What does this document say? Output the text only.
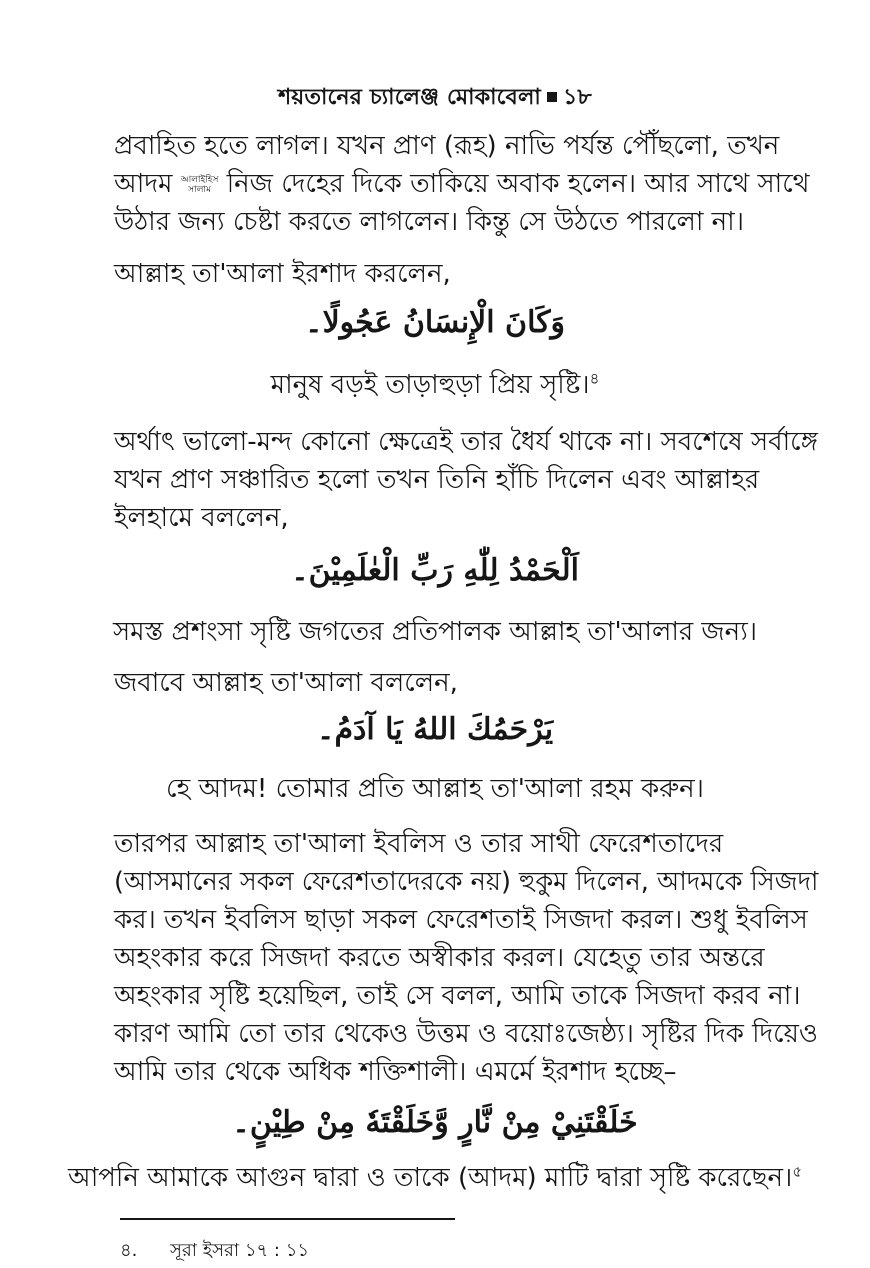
শয়তানের চ্যালেঞ্জ মোকাবেলা ১৮
প্রবাহিত হতে লাগল। যখন প্রাণ (রূহ) নাভি পর্যন্ত পৌঁছলো, তখন
আদম আলাইহিস
সালাম নিজ দেহের দিকে তাকিয়ে অবাক হলেন। আর সাথে সাথে
উঠার জন্য চেষ্টা করতে লাগলেন। কিন্তু সে উঠতে পারলো না।
আল্লাহ তা'আলা ইরশাদ করলেন,
وَكَانَ الْإِنسَانُ عَجُولًا۔
মানুষ বড়ই তাড়াহুড়া প্রিয় সৃষ্টি।$^৪$
অর্থাৎ ভালো-মন্দ কোনো ক্ষেত্রেই তার ধৈর্য থাকে না। সবশেষে সর্বাঙ্গে
যখন প্রাণ সঞ্চারিত হলো তখন তিনি হাঁচি দিলেন এবং আল্লাহর
ইলহামে বললেন,
اَلْحَمْدُ لِلّٰهِ رَبِّ الْعٰلَمِيْنَ۔
সমস্ত প্রশংসা সৃষ্টি জগতের প্রতিপালক আল্লাহ তা'আলার জন্য।
জবাবে আল্লাহ তা'আলা বললেন,
يَرْحَمُكَ اللهُ يَا آدَمُ۔
হে আদম! তোমার প্রতি আল্লাহ তা'আলা রহম করুন।
তারপর আল্লাহ তা'আলা ইবলিস ও তার সাথী ফেরেশতাদের
(আসমানের সকল ফেরেশতাদেরকে নয়) হুকুম দিলেন, আদমকে সিজদা
কর। তখন ইবলিস ছাড়া সকল ফেরেশতাই সিজদা করল। শুধু ইবলিস
অহংকার করে সিজদা করতে অস্বীকার করল। যেহেতু তার অন্তরে
অহংকার সৃষ্টি হয়েছিল, তাই সে বলল, আমি তাকে সিজদা করব না।
কারণ আমি তো তার থেকেও উত্তম ও বয়োঃজেষ্ঠ্য। সৃষ্টির দিক দিয়েও
আমি তার থেকে অধিক শক্তিশালী। এমর্মে ইরশাদ হচ্ছে–
خَلَقْتَنِيْ مِنْ نَّارٍ وَّخَلَقْتَهٗ مِنْ طِيْنٍ۔
আপনি আমাকে আগুন দ্বারা ও তাকে (আদম) মাটি দ্বারা সৃষ্টি করেছেন।$^৫$
৪. সূরা ইসরা ১৭ : ১১
